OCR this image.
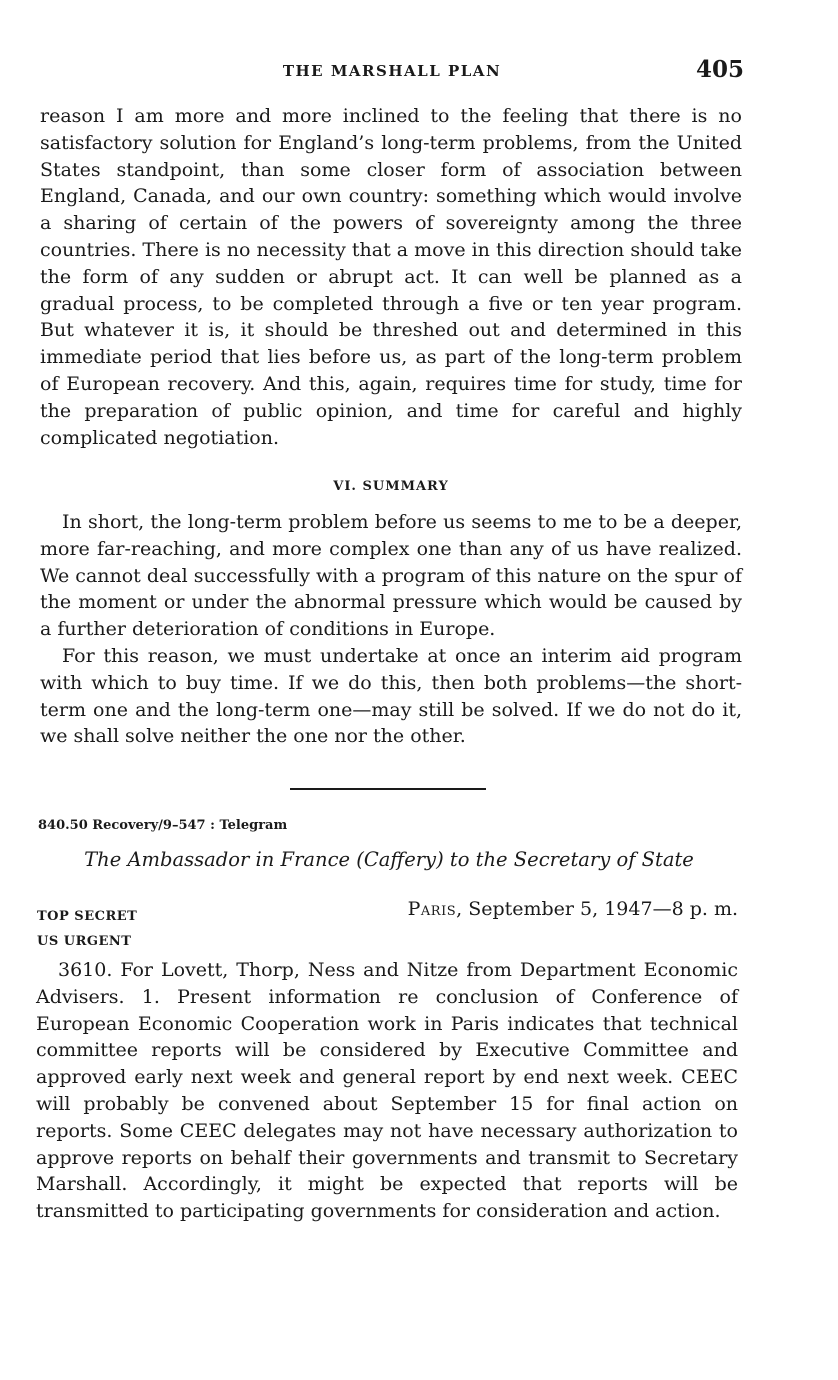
THE MARSHALL PLAN	405

reason I am more and more inclined to the feeling that there is no satisfactory solution for England’s long-term problems, from the United States standpoint, than some closer form of association between England, Canada, and our own country: something which would involve a sharing of certain of the powers of sovereignty among the three countries. There is no necessity that a move in this direction should take the form of any sudden or abrupt act. It can well be planned as a gradual process, to be completed through a five or ten year program. But whatever it is, it should be threshed out and determined in this immediate period that lies before us, as part of the long-term problem of European recovery. And this, again, requires time for study, time for the preparation of public opinion, and time for careful and highly complicated negotiation.

VI. SUMMARY

In short, the long-term problem before us seems to me to be a deeper, more far-reaching, and more complex one than any of us have realized. We cannot deal successfully with a program of this nature on the spur of the moment or under the abnormal pressure which would be caused by a further deterioration of conditions in Europe.

For this reason, we must undertake at once an interim aid program with which to buy time. If we do this, then both problems—the short-term one and the long-term one—may still be solved. If we do not do it, we shall solve neither the one nor the other.

840.50 Recovery/9–547 : Telegram
The Ambassador in France (Caffery) to the Secretary of State
TOP SECRET
US URGENT
Paris, September 5, 1947—8 p. m.

3610. For Lovett, Thorp, Ness and Nitze from Department Economic Advisers. 1. Present information re conclusion of Conference of European Economic Cooperation work in Paris indicates that technical committee reports will be considered by Executive Committee and approved early next week and general report by end next week. CEEC will probably be convened about September 15 for final action on reports. Some CEEC delegates may not have necessary authorization to approve reports on behalf their governments and transmit to Secretary Marshall. Accordingly, it might be expected that reports will be transmitted to participating governments for consideration and action.
